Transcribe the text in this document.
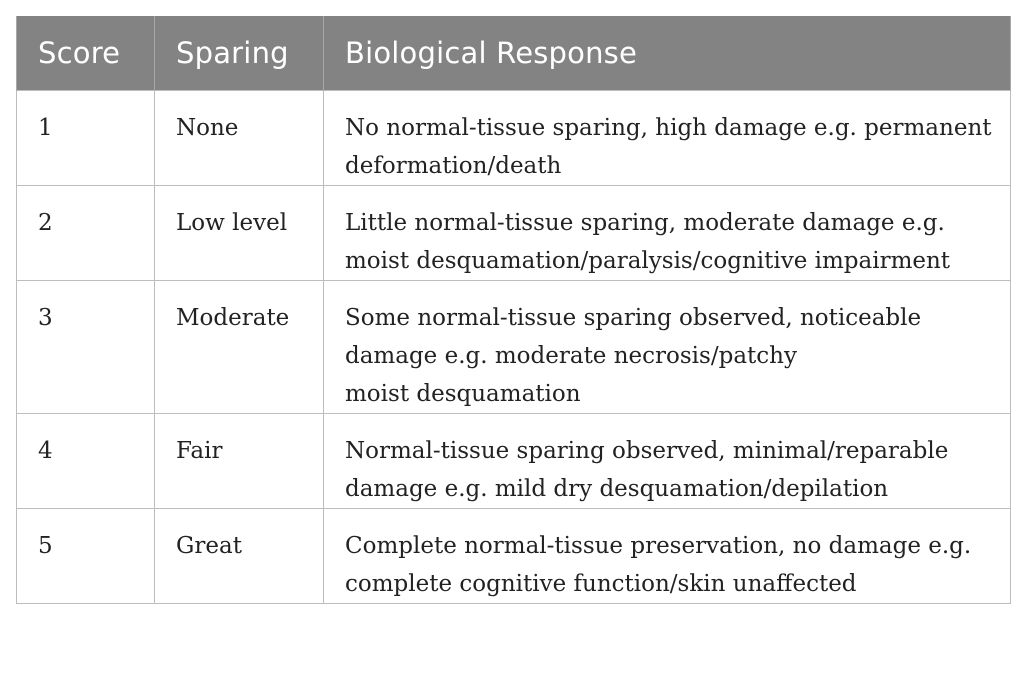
Score	Sparing	Biological Response
1	None	No normal-tissue sparing, high damage e.g. permanent
deformation/death

2	Low level	Little normal-tissue sparing, moderate damage e.g.
moist desquamation/paralysis/cognitive impairment

3	Moderate	Some normal-tissue sparing observed, noticeable
damage e.g. moderate necrosis/patchy
moist desquamation

4	Fair	Normal-tissue sparing observed, minimal/reparable
damage e.g. mild dry desquamation/depilation

5	Great	Complete normal-tissue preservation, no damage e.g.
complete cognitive function/skin unaffected
